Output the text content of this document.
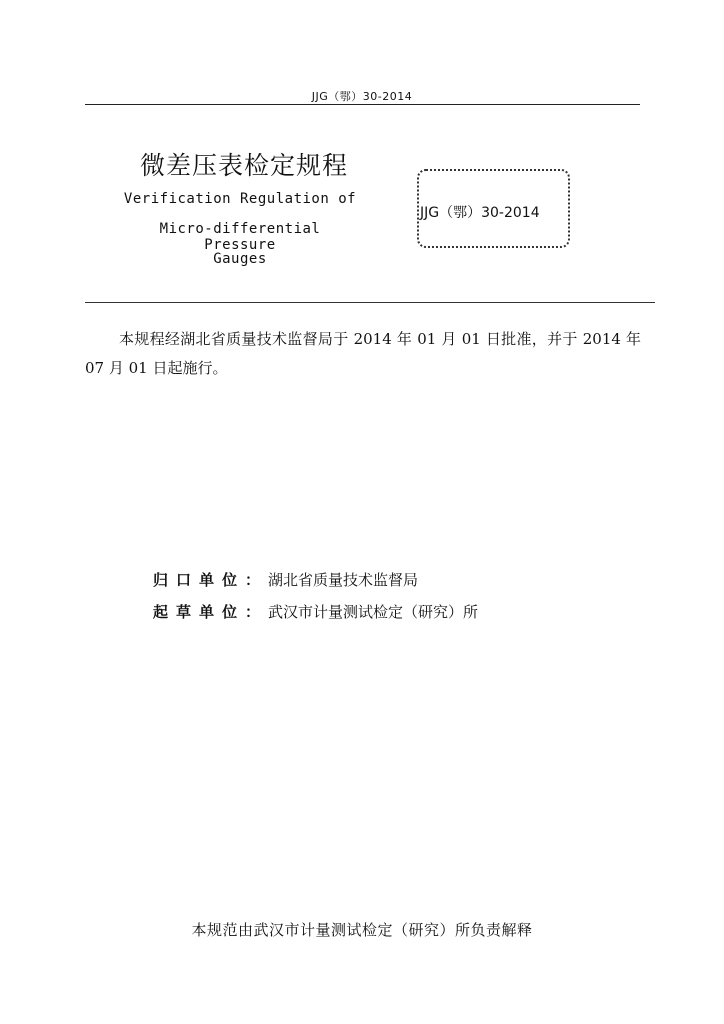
JJG（鄂）30-2014
微差压表检定规程
Verification Regulation of
Micro-differential Pressure
Gauges
JJG（鄂）30-2014
本规程经湖北省质量技术监督局于 2014 年 01 月 01 日批准，并于 2014 年 07 月 01 日起施行。
归口单位：湖北省质量技术监督局
起草单位：武汉市计量测试检定（研究）所
本规范由武汉市计量测试检定（研究）所负责解释
